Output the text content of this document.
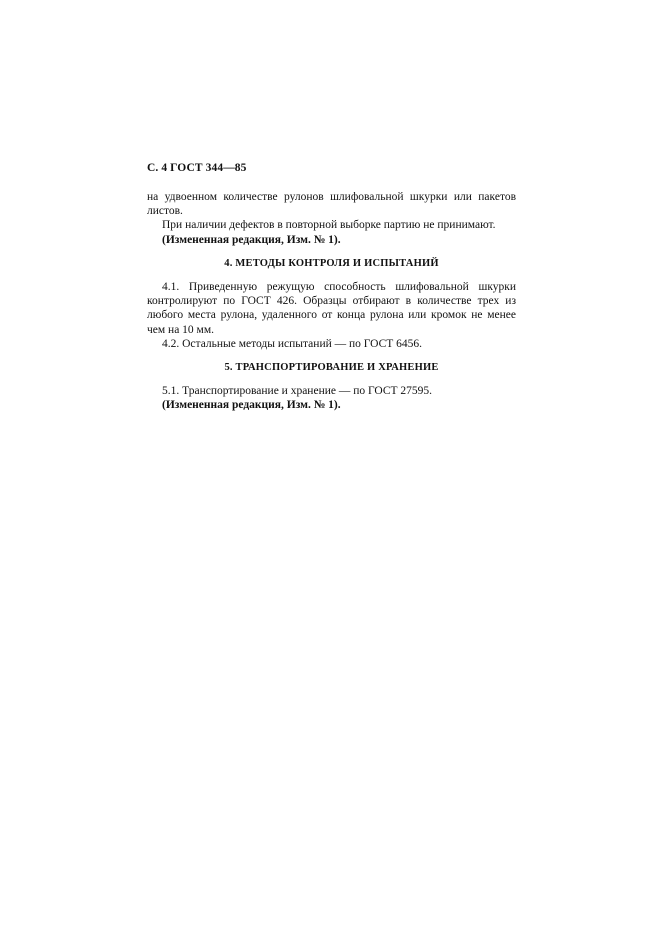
С. 4 ГОСТ 344—85

на удвоенном количестве рулонов шлифовальной шкурки или пакетов листов.

При наличии дефектов в повторной выборке партию не принимают.

(Измененная редакция, Изм. № 1).

4. МЕТОДЫ КОНТРОЛЯ И ИСПЫТАНИЙ

4.1. Приведенную режущую способность шлифовальной шкурки контролируют по ГОСТ 426. Образцы отбирают в количестве трех из любого места рулона, удаленного от конца рулона или кромок не менее чем на 10 мм.

4.2. Остальные методы испытаний — по ГОСТ 6456.

5. ТРАНСПОРТИРОВАНИЕ И ХРАНЕНИЕ

5.1. Транспортирование и хранение — по ГОСТ 27595.

(Измененная редакция, Изм. № 1).
